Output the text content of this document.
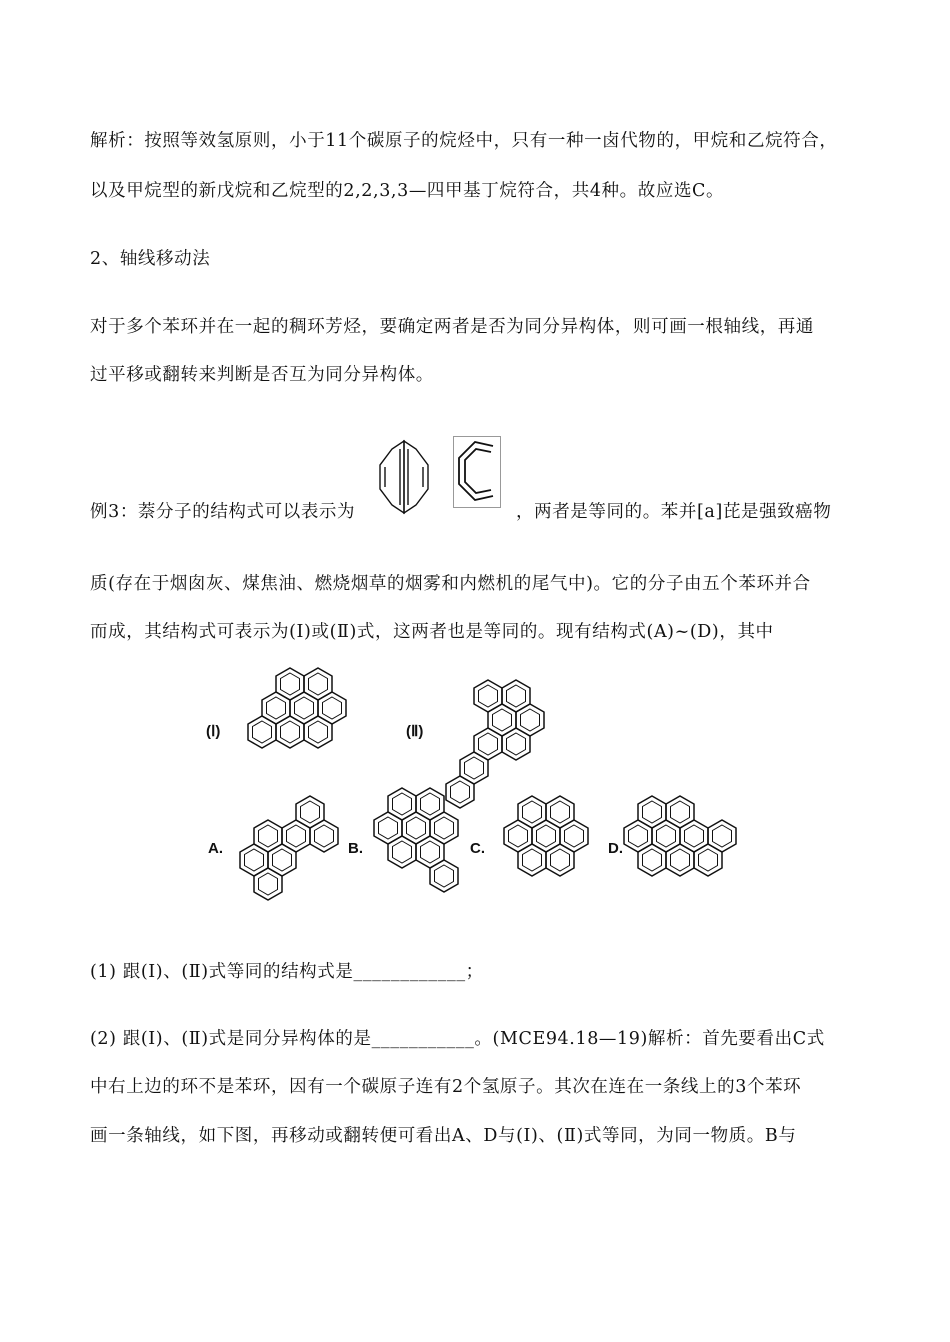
解析：按照等效氢原则，小于11个碳原子的烷烃中，只有一种一卤代物的，甲烷和乙烷符合，
以及甲烷型的新戊烷和乙烷型的2,2,3,3—四甲基丁烷符合，共4种。故应选C。
2、轴线移动法
对于多个苯环并在一起的稠环芳烃，要确定两者是否为同分异构体，则可画一根轴线，再通
过平移或翻转来判断是否互为同分异构体。
例3：萘分子的结构式可以表示为	，两者是等同的。苯并[a]芘是强致癌物
质(存在于烟囱灰、煤焦油、燃烧烟草的烟雾和内燃机的尾气中)。它的分子由五个苯环并合
而成，其结构式可表示为(Ⅰ)或(Ⅱ)式，这两者也是等同的。现有结构式(A)~(D)，其中
(Ⅰ)	(Ⅱ)
A.	B.	C.	D.
(1) 跟(Ⅰ)、(Ⅱ)式等同的结构式是____________；
(2) 跟(Ⅰ)、(Ⅱ)式是同分异构体的是___________。(MCE94.18—19)解析：首先要看出C式
中右上边的环不是苯环，因有一个碳原子连有2个氢原子。其次在连在一条线上的3个苯环
画一条轴线，如下图，再移动或翻转便可看出A、D与(Ⅰ)、(Ⅱ)式等同，为同一物质。B与
